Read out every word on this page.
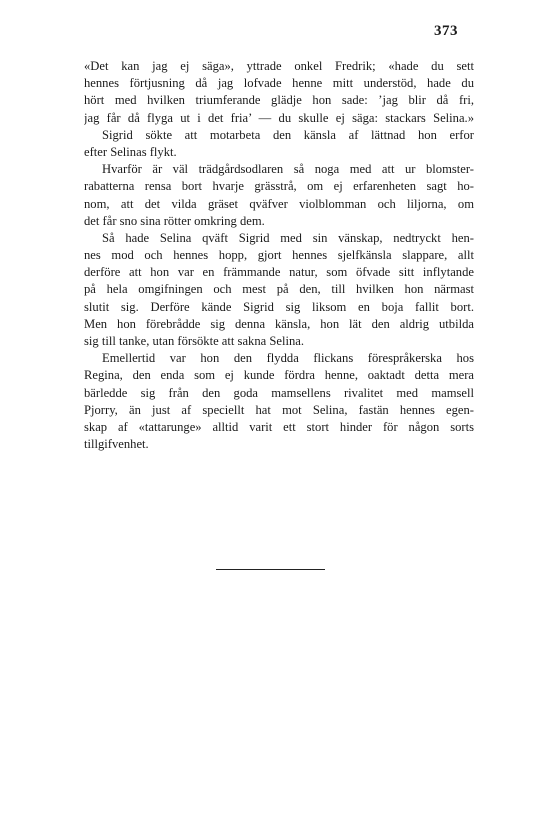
373
«Det kan jag ej säga», yttrade onkel Fredrik; «hade du sett
hennes förtjusning då jag lofvade henne mitt understöd, hade du
hört med hvilken triumferande glädje hon sade: ’jag blir då fri,
jag får då flyga ut i det fria’ — du skulle ej säga: stackars Selina.»
Sigrid sökte att motarbeta den känsla af lättnad hon erfor
efter Selinas flykt.
Hvarför är väl trädgårdsodlaren så noga med att ur blomster-
rabatterna rensa bort hvarje grässtrå, om ej erfarenheten sagt ho-
nom, att det vilda gräset qväfver violblomman och liljorna, om
det får sno sina rötter omkring dem.
Så hade Selina qväft Sigrid med sin vänskap, nedtryckt hen-
nes mod och hennes hopp, gjort hennes sjelfkänsla slappare, allt
derföre att hon var en främmande natur, som öfvade sitt inflytande
på hela omgifningen och mest på den, till hvilken hon närmast
slutit sig. Derföre kände Sigrid sig liksom en boja fallit bort.
Men hon förebrådde sig denna känsla, hon lät den aldrig utbilda
sig till tanke, utan försökte att sakna Selina.
Emellertid var hon den flydda flickans förespråkerska hos
Regina, den enda som ej kunde fördra henne, oaktadt detta mera
bärledde sig från den goda mamsellens rivalitet med mamsell
Pjorry, än just af speciellt hat mot Selina, fastän hennes egen-
skap af «tattarunge» alltid varit ett stort hinder för någon sorts
tillgifvenhet.
